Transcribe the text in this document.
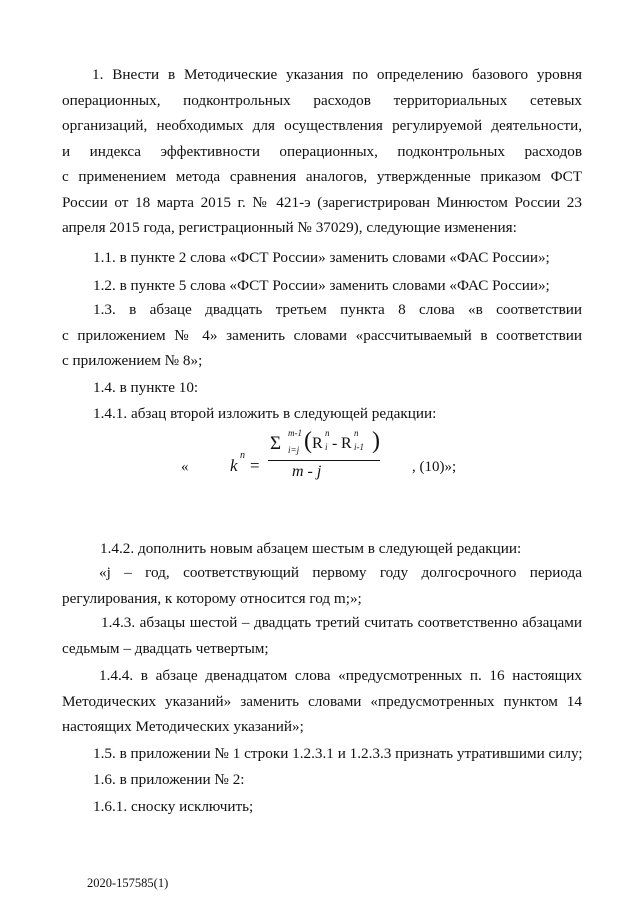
1. Внести в Методические указания по определению базового уровня
операционных, подконтрольных расходов территориальных сетевых
организаций, необходимых для осуществления регулируемой деятельности,
и индекса эффективности операционных, подконтрольных расходов
с применением метода сравнения аналогов, утвержденные приказом ФСТ
России от 18 марта 2015 г. № 421-э (зарегистрирован Минюстом России 23
апреля 2015 года, регистрационный № 37029), следующие изменения:
1.1. в пункте 2 слова «ФСТ России» заменить словами «ФАС России»;
1.2. в пункте 5 слова «ФСТ России» заменить словами «ФАС России»;
1.3. в абзаце двадцать третьем пункта 8 слова «в соответствии
с приложением № 4» заменить словами «рассчитываемый в соответствии
с приложением № 8»;
1.4. в пункте 10:
1.4.1. абзац второй изложить в следующей редакции:
« k
n
=
Σ m-1
i=j ( R
n
i - R
n
i-1 )
m - j	, (10)»;
1.4.2. дополнить новым абзацем шестым в следующей редакции:
«j – год, соответствующий первому году долгосрочного периода
регулирования, к которому относится год m;»;
1.4.3. абзацы шестой – двадцать третий считать соответственно абзацами
седьмым – двадцать четвертым;
1.4.4. в абзаце двенадцатом слова «предусмотренных п. 16 настоящих
Методических указаний» заменить словами «предусмотренных пунктом 14
настоящих Методических указаний»;
1.5. в приложении № 1 строки 1.2.3.1 и 1.2.3.3 признать утратившими силу;
1.6. в приложении № 2:
1.6.1. сноску исключить;
2020-157585(1)
